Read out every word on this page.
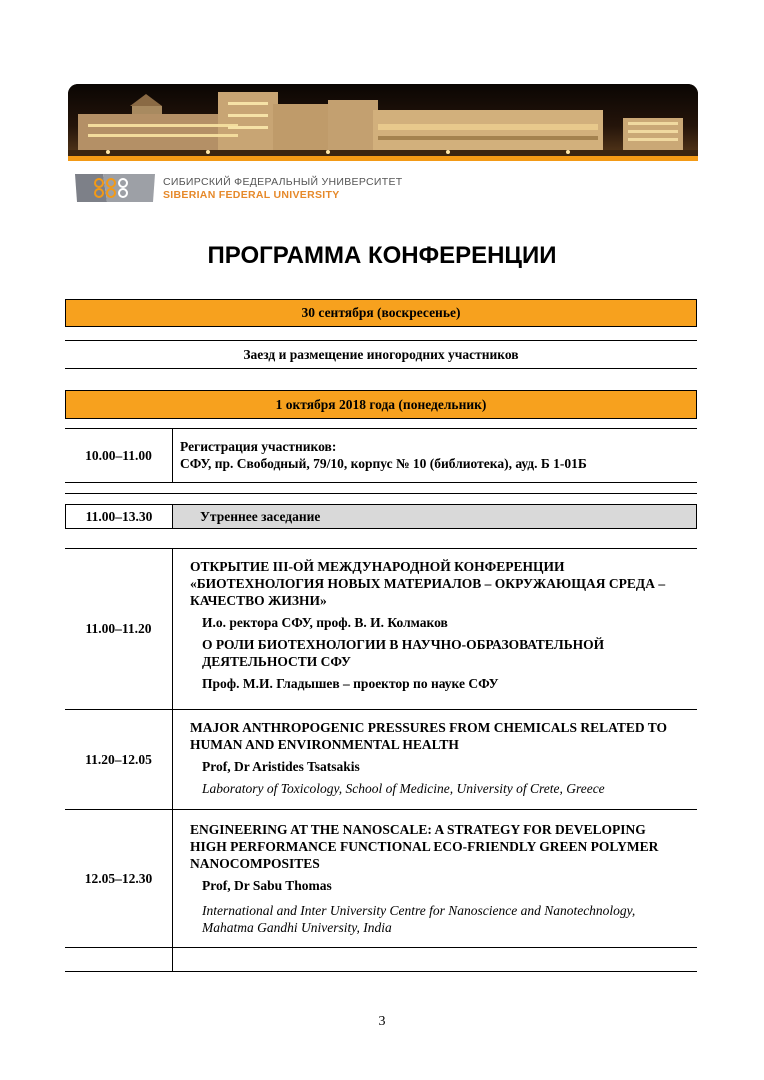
СИБИРСКИЙ ФЕДЕРАЛЬНЫЙ УНИВЕРСИТЕТ
SIBERIAN FEDERAL UNIVERSITY
ПРОГРАММА КОНФЕРЕНЦИИ
30 сентября (воскресенье)
Заезд и размещение иногородних участников
1 октября 2018 года (понедельник)
10.00–11.00
Регистрация участников:
СФУ, пр. Свободный, 79/10, корпус № 10 (библиотека), ауд. Б 1-01Б
11.00–13.30	Утреннее заседание
11.00–11.20
ОТКРЫТИЕ III-ОЙ МЕЖДУНАРОДНОЙ КОНФЕРЕНЦИИ «БИОТЕХНОЛОГИЯ НОВЫХ МАТЕРИАЛОВ – ОКРУЖАЮЩАЯ СРЕДА – КАЧЕСТВО ЖИЗНИ»
И.о. ректора СФУ, проф. В. И. Колмаков
О РОЛИ БИОТЕХНОЛОГИИ В НАУЧНО-ОБРАЗОВАТЕЛЬНОЙ ДЕЯТЕЛЬНОСТИ СФУ
Проф. М.И. Гладышев – проектор по науке СФУ
11.20–12.05
MAJOR ANTHROPOGENIC PRESSURES FROM CHEMICALS RELATED TO HUMAN AND ENVIRONMENTAL HEALTH
Prof, Dr Aristides Tsatsakis
Laboratory of Toxicology, School of Medicine, University of Crete, Greece
12.05–12.30
ENGINEERING AT THE NANOSCALE: A STRATEGY FOR DEVELOPING HIGH PERFORMANCE FUNCTIONAL ECO-FRIENDLY GREEN POLYMER NANOCOMPOSITES
Prof, Dr Sabu Thomas
International and Inter University Centre for Nanoscience and Nanotechnology, Mahatma Gandhi University, India
3
